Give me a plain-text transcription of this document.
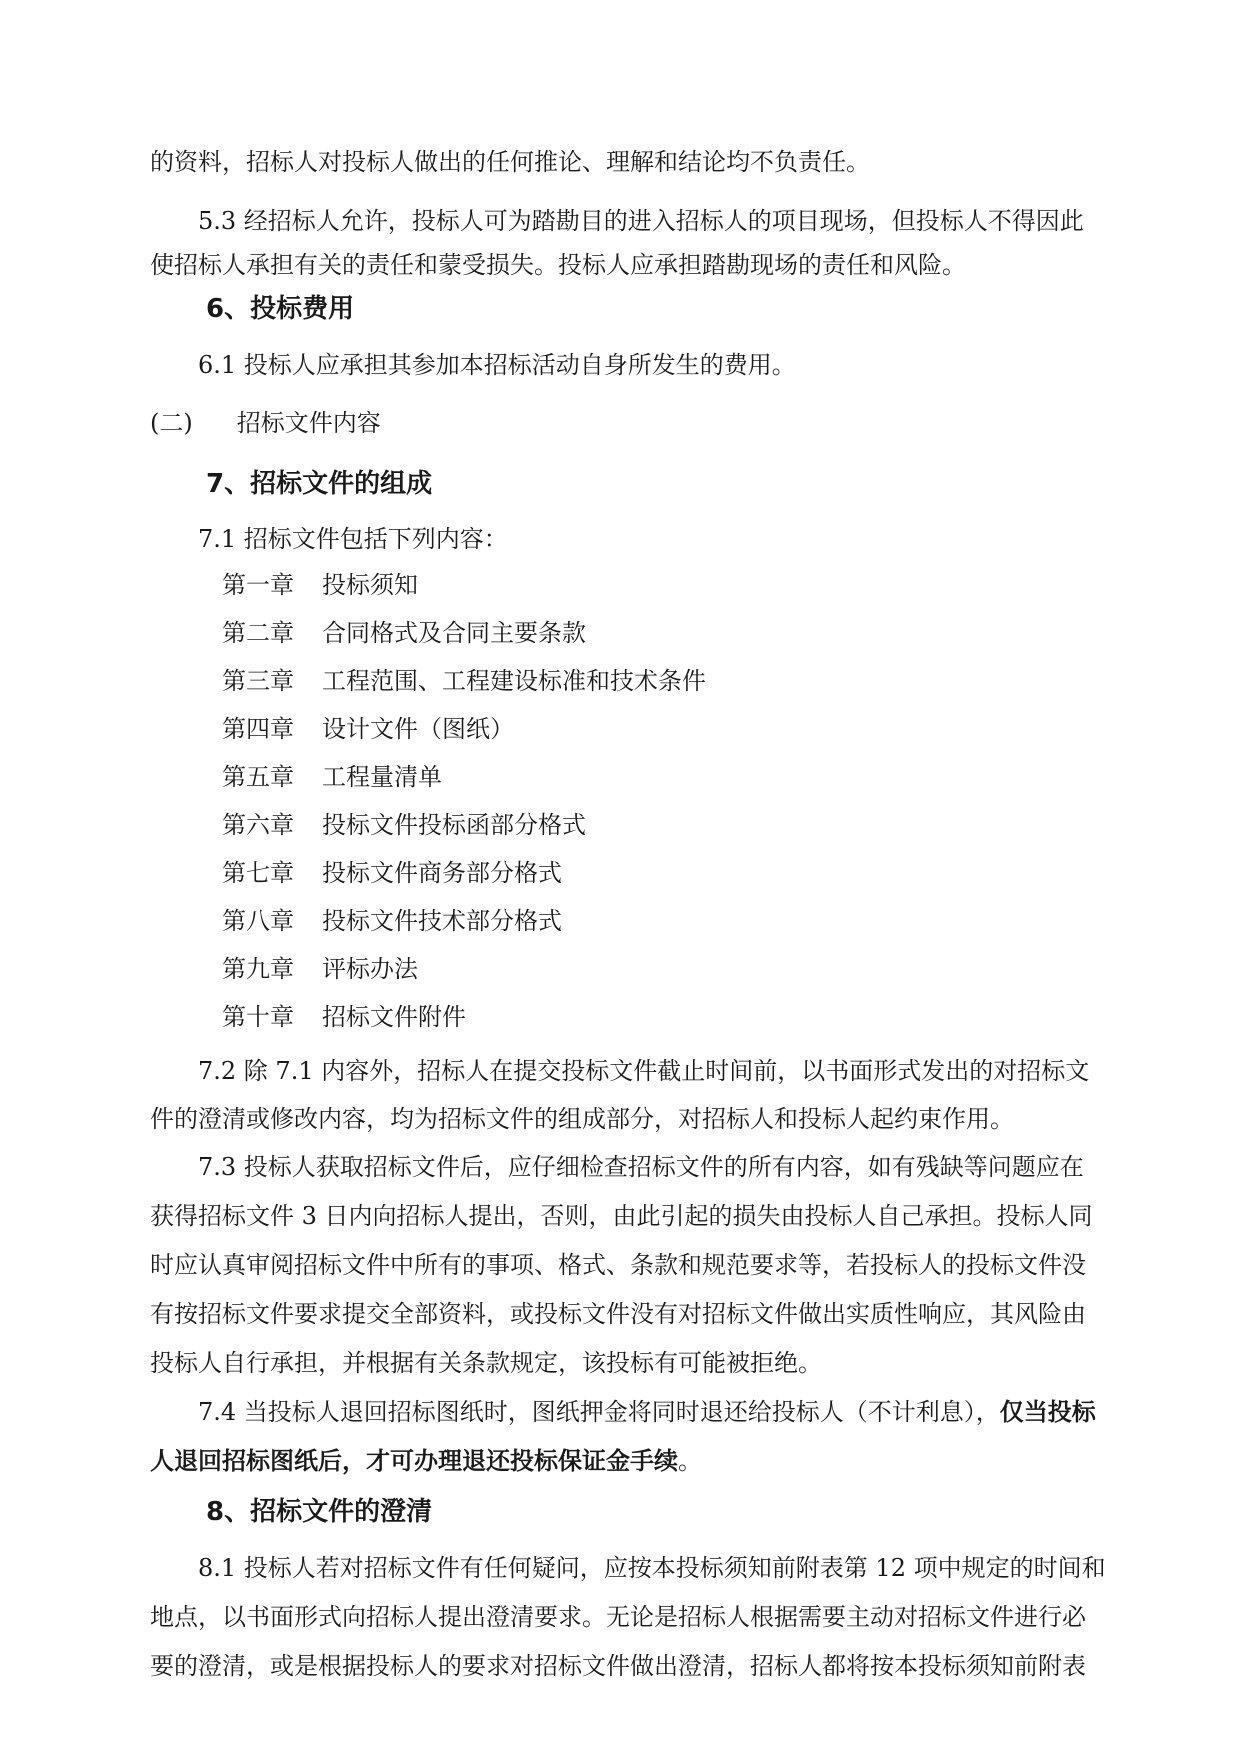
的资料，招标人对投标人做出的任何推论、理解和结论均不负责任。
5.3 经招标人允许，投标人可为踏勘目的进入招标人的项目现场，但投标人不得因此
使招标人承担有关的责任和蒙受损失。投标人应承担踏勘现场的责任和风险。
6、投标费用
6.1 投标人应承担其参加本招标活动自身所发生的费用。
(二) 招标文件内容
7、招标文件的组成
7.1 招标文件包括下列内容：
第一章 投标须知
第二章 合同格式及合同主要条款
第三章 工程范围、工程建设标准和技术条件
第四章 设计文件（图纸）
第五章 工程量清单
第六章 投标文件投标函部分格式
第七章 投标文件商务部分格式
第八章 投标文件技术部分格式
第九章 评标办法
第十章 招标文件附件
7.2 除 7.1 内容外，招标人在提交投标文件截止时间前，以书面形式发出的对招标文
件的澄清或修改内容，均为招标文件的组成部分，对招标人和投标人起约束作用。
7.3 投标人获取招标文件后，应仔细检查招标文件的所有内容，如有残缺等问题应在
获得招标文件 3 日内向招标人提出，否则，由此引起的损失由投标人自己承担。投标人同
时应认真审阅招标文件中所有的事项、格式、条款和规范要求等，若投标人的投标文件没
有按招标文件要求提交全部资料，或投标文件没有对招标文件做出实质性响应，其风险由
投标人自行承担，并根据有关条款规定，该投标有可能被拒绝。
7.4 当投标人退回招标图纸时，图纸押金将同时退还给投标人（不计利息），仅当投标
人退回招标图纸后，才可办理退还投标保证金手续。
8、招标文件的澄清
8.1 投标人若对招标文件有任何疑问，应按本投标须知前附表第 12 项中规定的时间和
地点，以书面形式向招标人提出澄清要求。无论是招标人根据需要主动对招标文件进行必
要的澄清，或是根据投标人的要求对招标文件做出澄清，招标人都将按本投标须知前附表
